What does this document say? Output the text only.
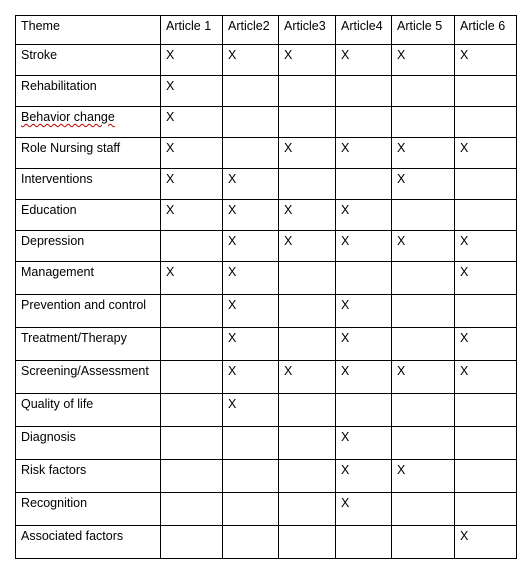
Theme	Article 1	Article2	Article3	Article4	Article 5	Article 6
Stroke	X	X	X	X	X	X
Rehabilitation	X					
Behavior change	X					
Role Nursing staff	X		X	X	X	X
Interventions	X	X			X	
Education	X	X	X	X		
Depression		X	X	X	X	X
Management	X	X				X
Prevention and control		X		X		
Treatment/Therapy		X		X		X
Screening/Assessment		X	X	X	X	X
Quality of life		X				
Diagnosis				X		
Risk factors				X	X	
Recognition				X		
Associated factors						X
